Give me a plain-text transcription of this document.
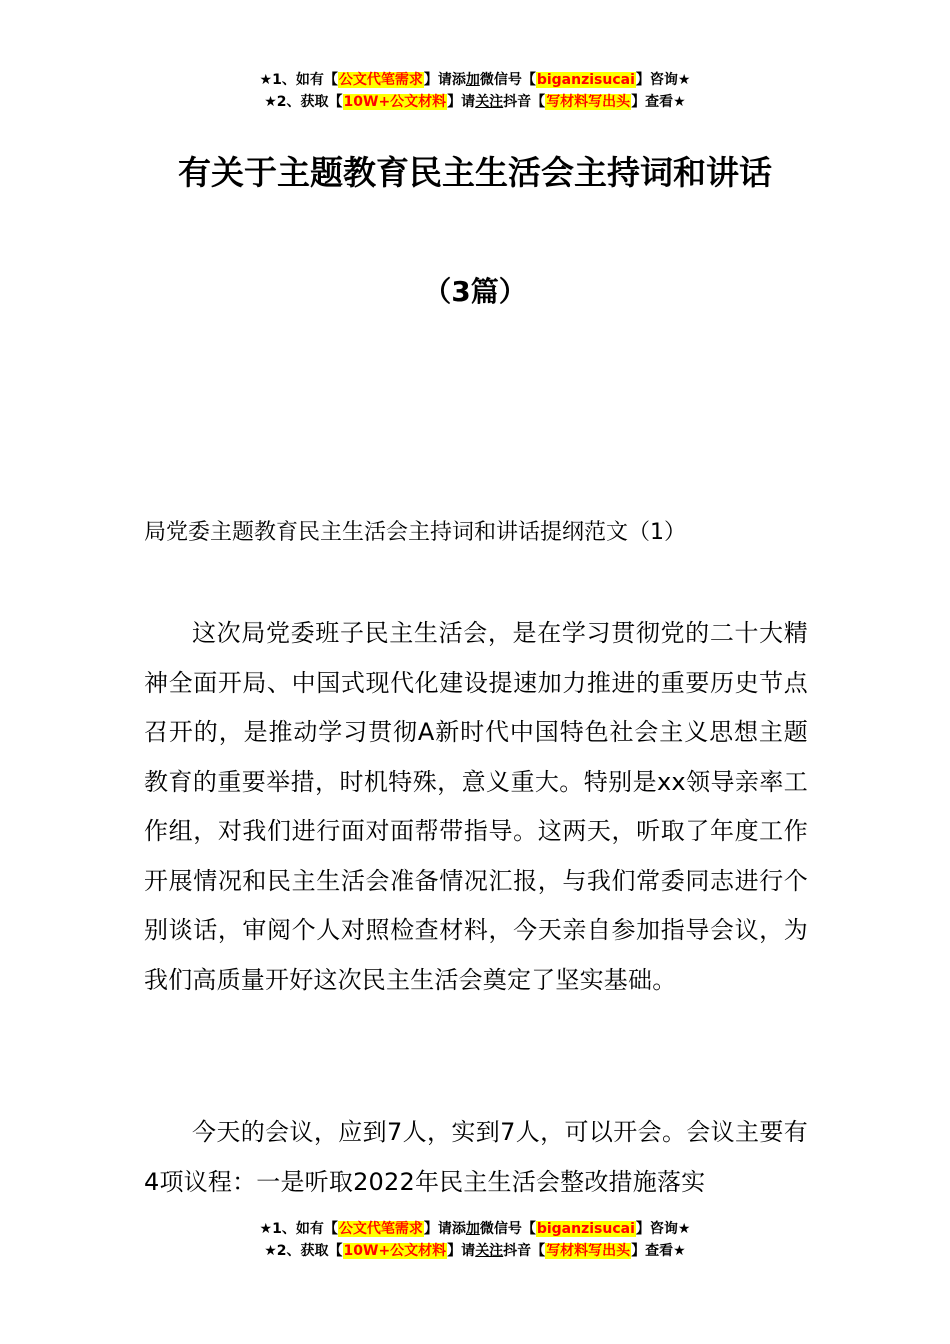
★1、如有【公文代笔需求】请添加微信号【biganzisucai】咨询★
★2、获取【10W+公文材料】请关注抖音【写材料写出头】查看★
有关于主题教育民主生活会主持词和讲话
（3篇）
局党委主题教育民主生活会主持词和讲话提纲范文（1）
这次局党委班子民主生活会，是在学习贯彻党的二十大精神全面开局、中国式现代化建设提速加力推进的重要历史节点召开的，是推动学习贯彻A新时代中国特色社会主义思想主题教育的重要举措，时机特殊，意义重大。特别是xx领导亲率工作组，对我们进行面对面帮带指导。这两天，听取了年度工作开展情况和民主生活会准备情况汇报，与我们常委同志进行个别谈话，审阅个人对照检查材料，今天亲自参加指导会议，为我们高质量开好这次民主生活会奠定了坚实基础。
今天的会议，应到7人，实到7人，可以开会。会议主要有4项议程：一是听取2022年民主生活会整改措施落实
★1、如有【公文代笔需求】请添加微信号【biganzisucai】咨询★
★2、获取【10W+公文材料】请关注抖音【写材料写出头】查看★
